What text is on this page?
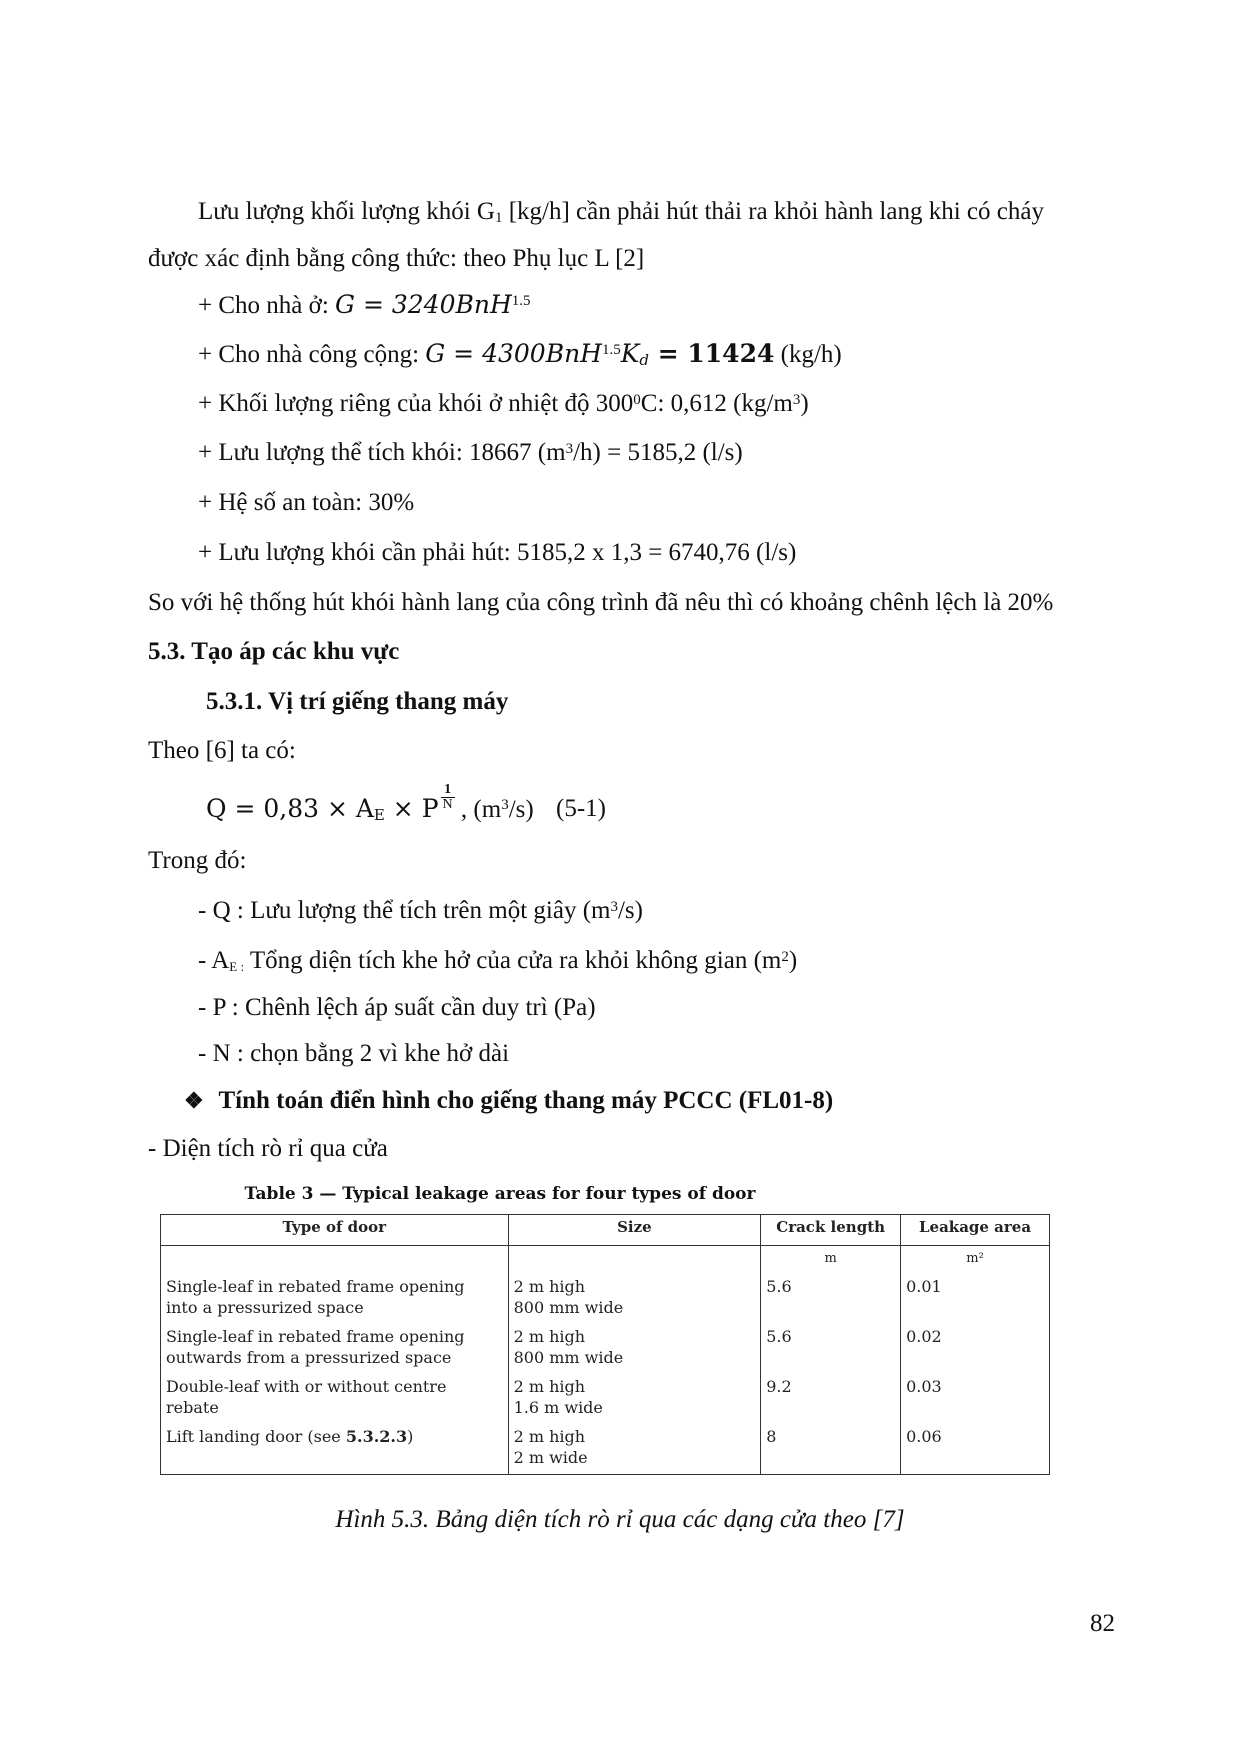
Lưu lượng khối lượng khói $G_1$ [kg/h] cần phải hút thải ra khỏi hành lang khi có cháy
được xác định bằng công thức: theo Phụ lục L [2]
+ Cho nhà ở: G = 3240BnH$^{1.5}$
+ Cho nhà công cộng: $G = 4300BnH^{1.5}K_d = 11424$ (kg/h)
+ Khối lượng riêng của khói ở nhiệt độ $300^0C$: 0,612 $(kg/m^3)$
+ Lưu lượng thể tích khói: 18667 $(m^3/h) = 5185,2$ (l/s)
+ Hệ số an toàn: 30%
+ Lưu lượng khói cần phải hút: 5185,2 x 1,3 = 6740,76 (l/s)
So với hệ thống hút khói hành lang của công trình đã nêu thì có khoảng chênh lệch là 20%
5.3. Tạo áp các khu vực
5.3.1. Vị trí giếng thang máy
Theo [6] ta có:
$Q = 0,83 \times A_E \times P \frac{1}{N}$ , $(m^3/s)$ (5-1)
Trong đó:
- Q : Lưu lượng thể tích trên một giây $(m^3/s)$
- $A_{E :}$ Tổng diện tích khe hở của cửa ra khỏi không gian $(m^2)$
- P : Chênh lệch áp suất cần duy trì (Pa)
- N : chọn bằng 2 vì khe hở dài
❖ Tính toán điển hình cho giếng thang máy PCCC (FL01-8)
- Diện tích rò rỉ qua cửa
Table 3 — Typical leakage areas for four types of door
Type of door	Size	Crack length	Leakage area
		m	m²
Single-leaf in rebated frame opening
into a pressurized space	2 m high
800 mm wide	5.6	0.01
Single-leaf in rebated frame opening
outwards from a pressurized space	2 m high
800 mm wide	5.6	0.02
Double-leaf with or without centre
rebate	2 m high
1.6 m wide	9.2	0.03
Lift landing door (see 5.3.2.3)	2 m high
2 m wide	8	0.06
Hình 5.3. Bảng diện tích rò rỉ qua các dạng cửa theo [7]
82
